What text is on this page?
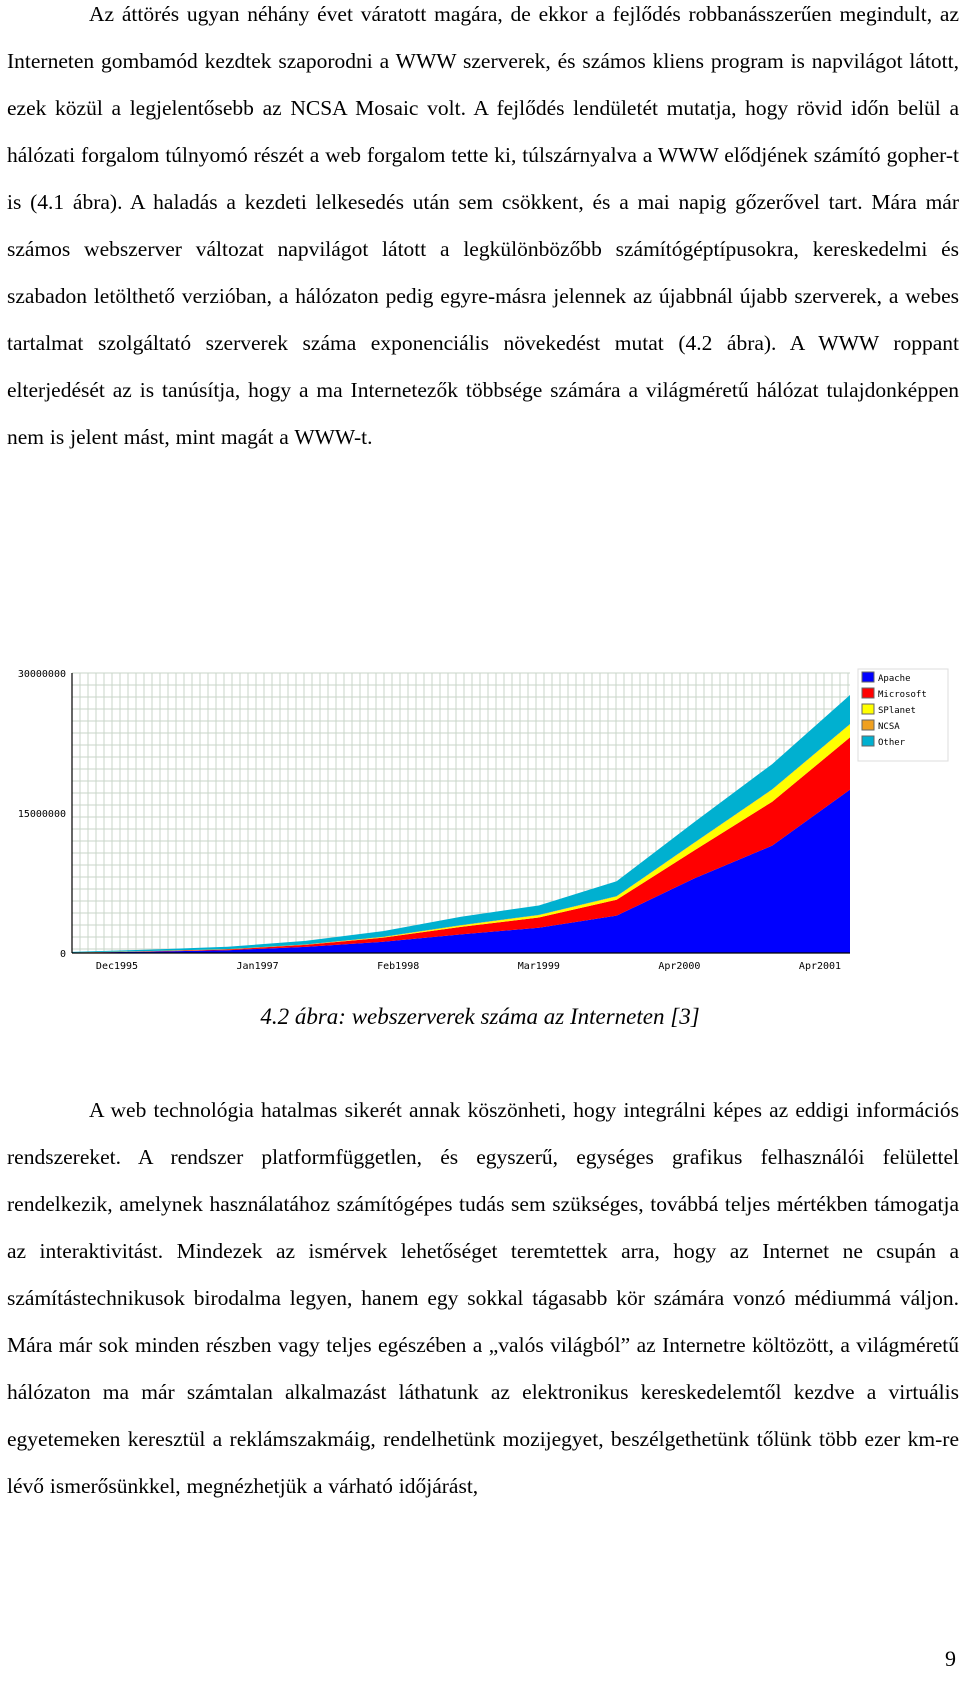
Az áttörés ugyan néhány évet váratott magára, de ekkor a fejlődés robbanásszerűen megindult, az Interneten gombamód kezdtek szaporodni a WWW szerverek, és számos kliens program is napvilágot látott, ezek közül a legjelentősebb az NCSA Mosaic volt. A fejlődés lendületét mutatja, hogy rövid időn belül a hálózati forgalom túlnyomó részét a web forgalom tette ki, túlszárnyalva a WWW elődjének számító gopher-t is (4.1 ábra). A haladás a kezdeti lelkesedés után sem csökkent, és a mai napig gőzerővel tart. Mára már számos webszerver változat napvilágot látott a legkülönbözőbb számítógéptípusokra, kereskedelmi és szabadon letölthető verzióban, a hálózaton pedig egyre-másra jelennek az újabbnál újabb szerverek, a webes tartalmat szolgáltató szerverek száma exponenciális növekedést mutat (4.2 ábra). A WWW roppant elterjedését az is tanúsítja, hogy a ma Internetezők többsége számára a világméretű hálózat tulajdonképpen nem is jelent mást, mint magát a WWW-t.

0
15000000
30000000
Dec1995	Jan1997	Feb1998	Mar1999	Apr2000	Apr2001
Apache
Microsoft
SPlanet
NCSA
Other

4.2 ábra: webszerverek száma az Interneten [3]

A web technológia hatalmas sikerét annak köszönheti, hogy integrálni képes az eddigi információs rendszereket. A rendszer platformfüggetlen, és egyszerű, egységes grafikus felhasználói felülettel rendelkezik, amelynek használatához számítógépes tudás sem szükséges, továbbá teljes mértékben támogatja az interaktivitást. Mindezek az ismérvek lehetőséget teremtettek arra, hogy az Internet ne csupán a számítástechnikusok birodalma legyen, hanem egy sokkal tágasabb kör számára vonzó médiummá váljon. Mára már sok minden részben vagy teljes egészében a „valós világból” az Internetre költözött, a világméretű hálózaton ma már számtalan alkalmazást láthatunk az elektronikus kereskedelemtől kezdve a virtuális egyetemeken keresztül a reklámszakmáig, rendelhetünk mozijegyet, beszélgethetünk tőlünk több ezer km-re lévő ismerősünkkel, megnézhetjük a várható időjárást,

9
